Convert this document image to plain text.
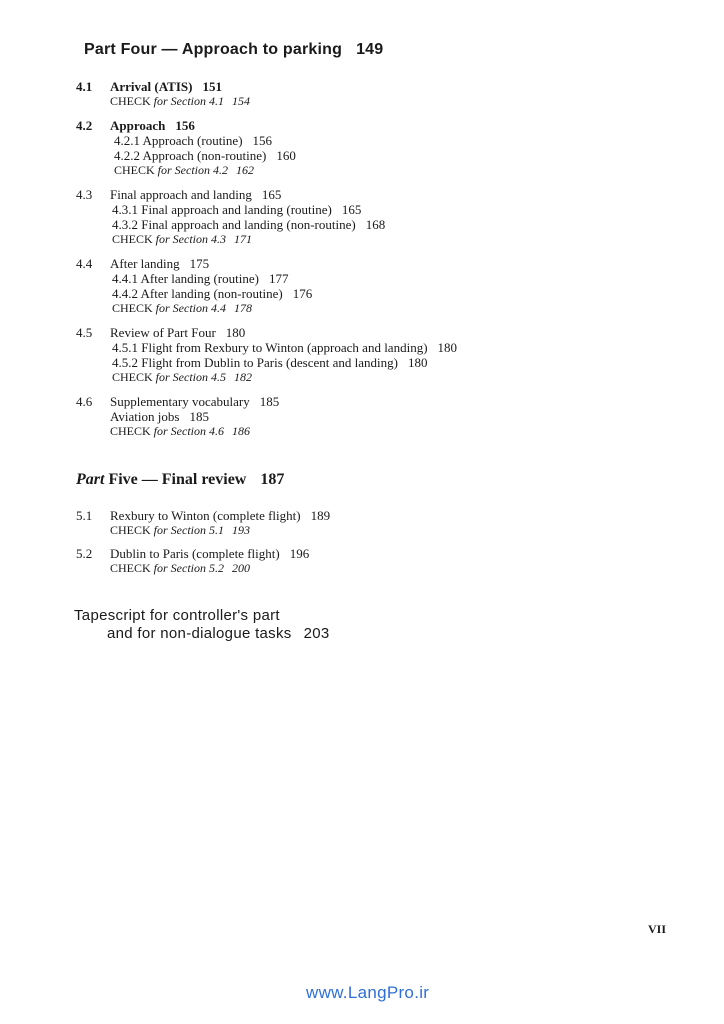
Part Four — Approach to parking 149
4.1 Arrival (ATIS) 151
CHECK for Section 4.1 154
4.2 Approach 156
4.2.1 Approach (routine) 156
4.2.2 Approach (non-routine) 160
CHECK for Section 4.2 162
4.3 Final approach and landing 165
4.3.1 Final approach and landing (routine) 165
4.3.2 Final approach and landing (non-routine) 168
CHECK for Section 4.3 171
4.4 After landing 175
4.4.1 After landing (routine) 177
4.4.2 After landing (non-routine) 176
CHECK for Section 4.4 178
4.5 Review of Part Four 180
4.5.1 Flight from Rexbury to Winton (approach and landing) 180
4.5.2 Flight from Dublin to Paris (descent and landing) 180
CHECK for Section 4.5 182
4.6 Supplementary vocabulary 185
Aviation jobs 185
CHECK for Section 4.6 186
Part Five — Final review 187
5.1 Rexbury to Winton (complete flight) 189
CHECK for Section 5.1 193
5.2 Dublin to Paris (complete flight) 196
CHECK for Section 5.2 200
Tapescript for controller's part
and for non-dialogue tasks 203
VII
www.LangPro.ir
